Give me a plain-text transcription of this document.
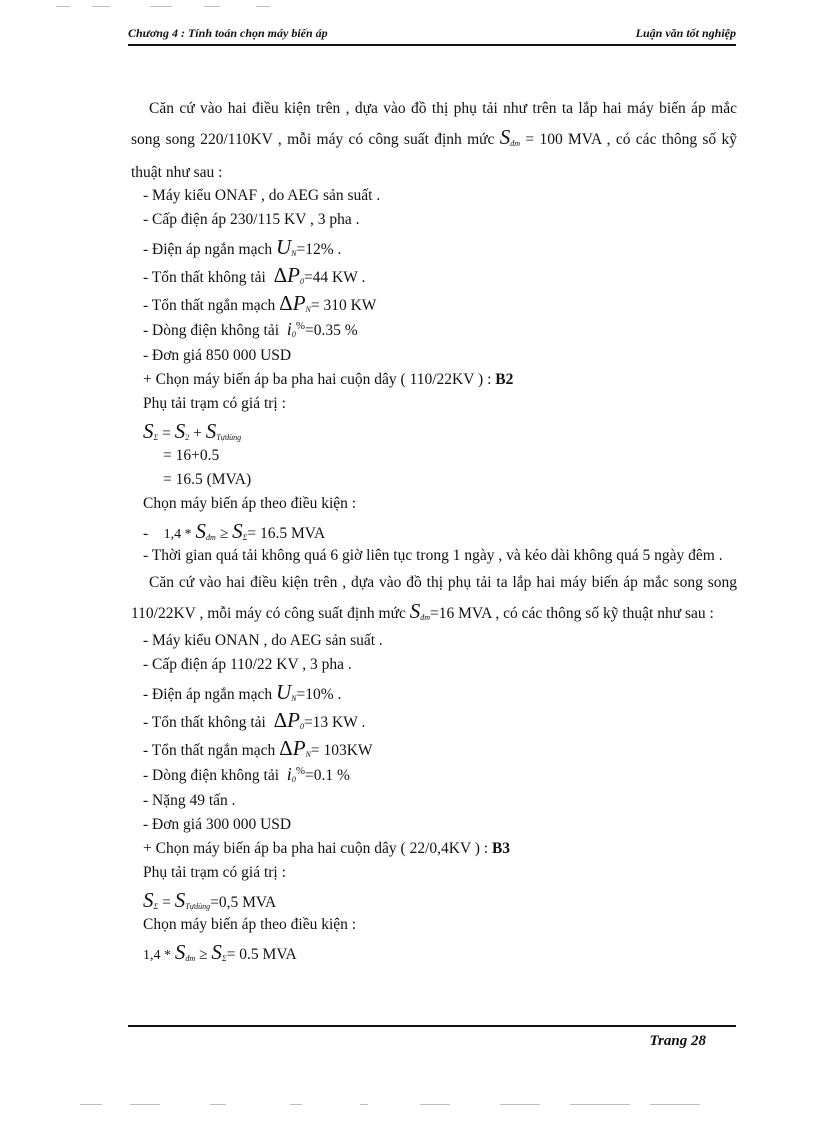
Chương 4 : Tính toán chọn máy biến áp	Luận văn tốt nghiệp

Căn cứ vào hai điều kiện trên , dựa vào đồ thị phụ tải như trên ta lắp hai máy biến áp mắc song song 220/110KV , mỗi máy có công suất định mức $S_{đm} = 100$ MVA , có các thông số kỹ thuật như sau :

- Máy kiểu ONAF , do AEG sản suất .
- Cấp điện áp 230/115 KV , 3 pha .
- Điện áp ngắn mạch $U_N=12\%$ .
- Tổn thất không tải $\Delta P_0=44$ KW .
- Tổn thất ngắn mạch $\Delta P_N= 310$ KW
- Dòng điện không tải $i_0^{\%}=0.35$ %
- Đơn giá 850 000 USD
+ Chọn máy biến áp ba pha hai cuộn dây ( 110/22KV ) : B2
Phụ tải trạm có giá trị :
$S_\Sigma = S_2 + S_{Tựdùng}$
= 16+0.5
= 16.5 (MVA)
Chọn máy biến áp theo điều kiện :
-    $1,4 * S_{đm} \ge S_\Sigma= 16.5$ MVA

- Thời gian quá tải không quá 6 giờ liên tục trong 1 ngày , và kéo dài không quá 5 ngày đêm .

Căn cứ vào hai điều kiện trên , dựa vào đồ thị phụ tải ta lắp hai máy biến áp mắc song song 110/22KV , mỗi máy có công suất định mức $S_{đm}=16$ MVA , có các thông số kỹ thuật như sau :

- Máy kiểu ONAN , do AEG sản suất .
- Cấp điện áp 110/22 KV , 3 pha .
- Điện áp ngắn mạch $U_N=10\%$ .
- Tổn thất không tải $\Delta P_0=13$ KW .
- Tổn thất ngắn mạch $\Delta P_N= 103KW$
- Dòng điện không tải $i_0^{\%}=0.1$ %
- Nặng 49 tấn .
- Đơn giá 300 000 USD
+ Chọn máy biến áp ba pha hai cuộn dây ( 22/0,4KV ) : B3
Phụ tải trạm có giá trị :
$S_\Sigma = S_{Tựdùng}=0,5$ MVA
Chọn máy biến áp theo điều kiện :
$1,4 * S_{đm} \ge S_\Sigma= 0.5$ MVA
Trang 28
